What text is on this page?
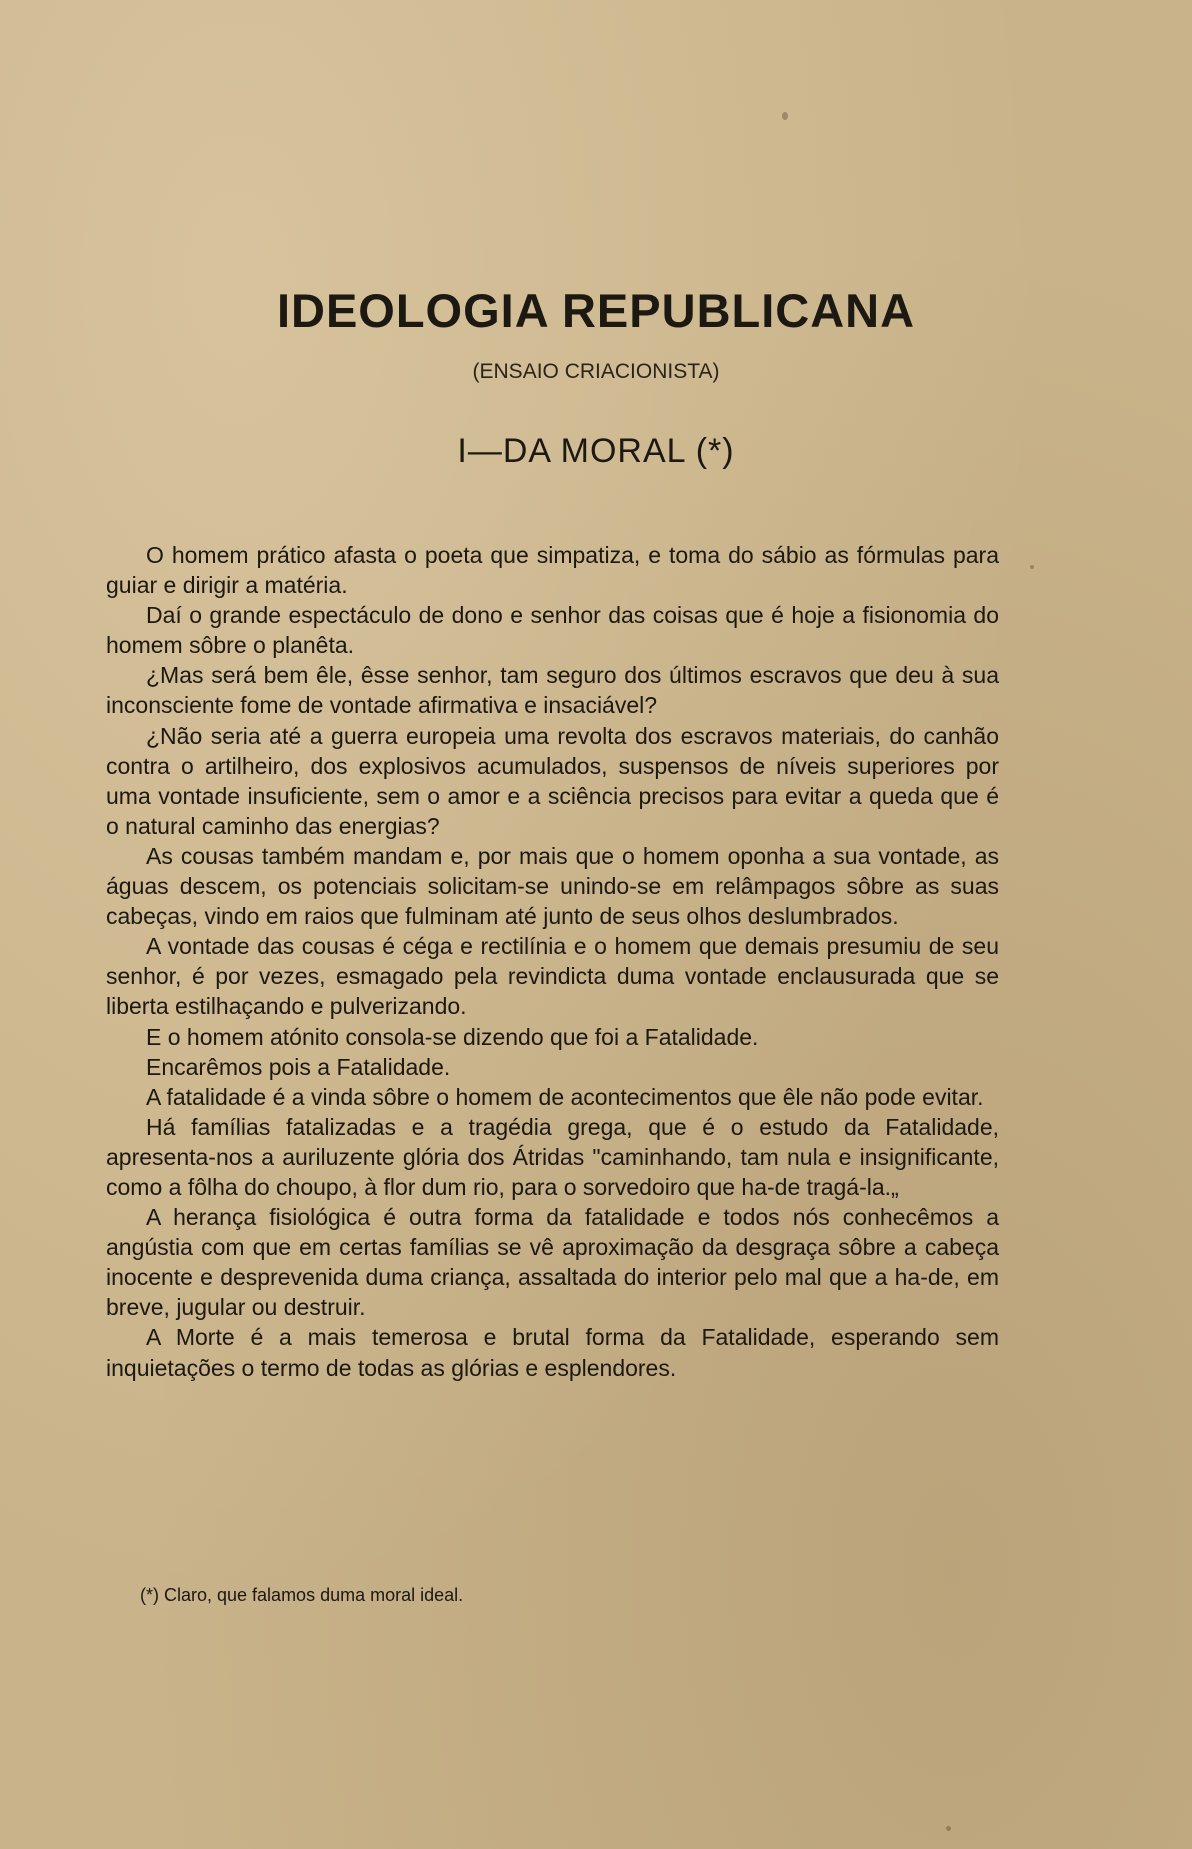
IDEOLOGIA REPUBLICANA
(ENSAIO CRIACIONISTA)
I—DA MORAL (*)

O homem prático afasta o poeta que simpatiza, e toma do sábio as fórmulas para guiar e dirigir a matéria.

Daí o grande espectáculo de dono e senhor das coisas que é hoje a fisionomia do homem sôbre o planêta.

¿Mas será bem êle, êsse senhor, tam seguro dos últimos escravos que deu à sua inconsciente fome de vontade afirmativa e insaciável?

¿Não seria até a guerra europeia uma revolta dos escravos materiais, do canhão contra o artilheiro, dos explosivos acumulados, suspensos de níveis superiores por uma vontade insuficiente, sem o amor e a sciência precisos para evitar a queda que é o natural caminho das energias?

As cousas também mandam e, por mais que o homem oponha a sua vontade, as águas descem, os potenciais solicitam-se unindo-se em relâmpagos sôbre as suas cabeças, vindo em raios que fulminam até junto de seus olhos deslumbrados.

A vontade das cousas é céga e rectilínia e o homem que demais presumiu de seu senhor, é por vezes, esmagado pela revindicta duma vontade enclausurada que se liberta estilhaçando e pulverizando.

E o homem atónito consola-se dizendo que foi a Fatalidade.

Encarêmos pois a Fatalidade.

A fatalidade é a vinda sôbre o homem de acontecimentos que êle não pode evitar.

Há famílias fatalizadas e a tragédia grega, que é o estudo da Fatalidade, apresenta-nos a auriluzente glória dos Átridas "caminhando, tam nula e insignificante, como a fôlha do choupo, à flor dum rio, para o sorvedoiro que ha-de tragá-la.„

A herança fisiológica é outra forma da fatalidade e todos nós conhecêmos a angústia com que em certas famílias se vê aproximação da desgraça sôbre a cabeça inocente e desprevenida duma criança, assaltada do interior pelo mal que a ha-de, em breve, jugular ou destruir.

A Morte é a mais temerosa e brutal forma da Fatalidade, esperando sem inquietações o termo de todas as glórias e esplendores.

(*) Claro, que falamos duma moral ideal.
